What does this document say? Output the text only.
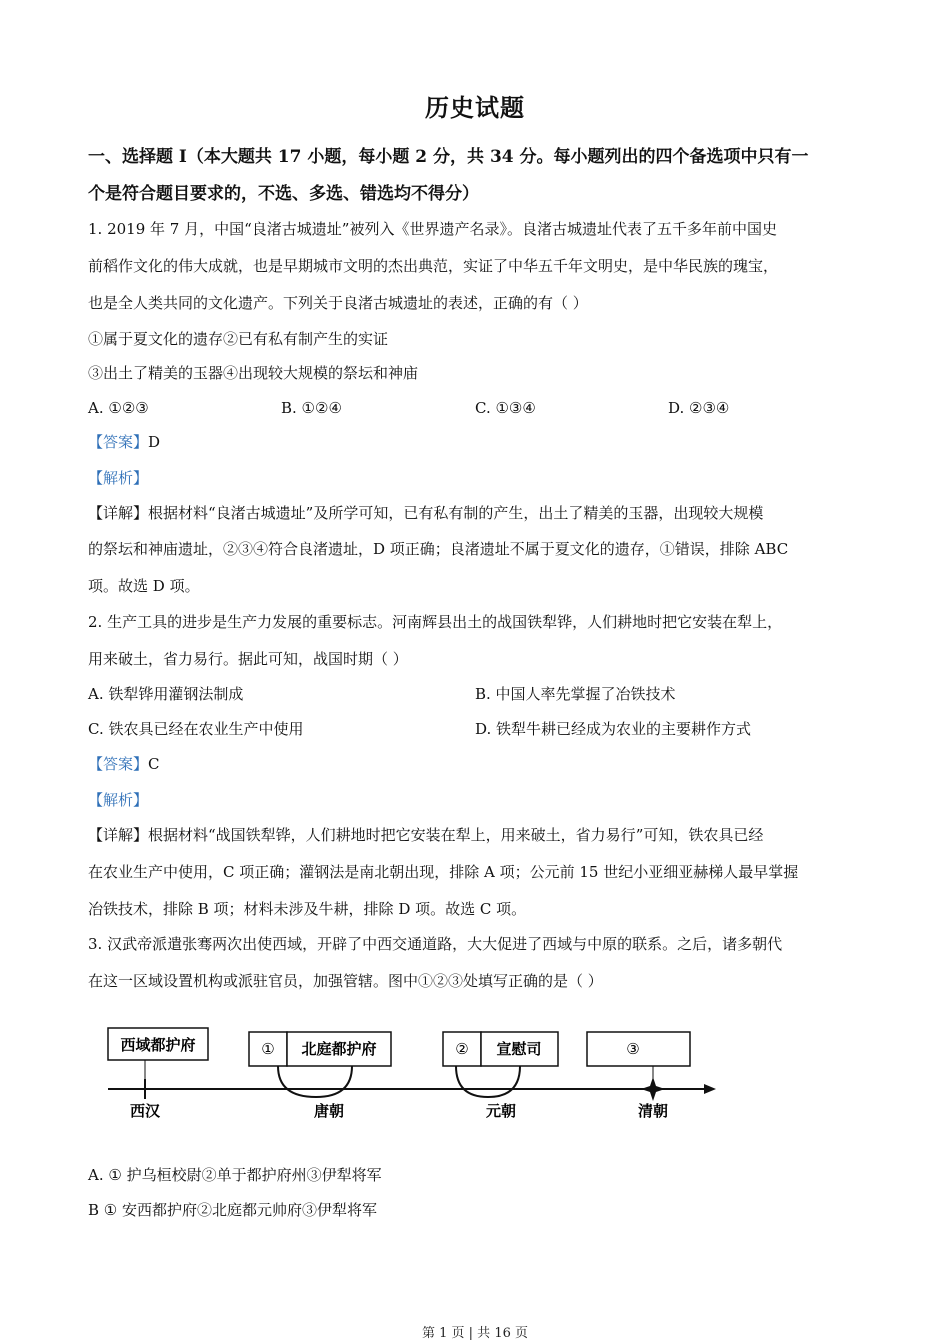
历史试题
一、选择题 I（本大题共 17 小题，每小题 2 分，共 34 分。每小题列出的四个备选项中只有一
个是符合题目要求的，不选、多选、错选均不得分）
1. 2019 年 7 月，中国“良渚古城遗址”被列入《世界遗产名录》。良渚古城遗址代表了五千多年前中国史
前稻作文化的伟大成就，也是早期城市文明的杰出典范，实证了中华五千年文明史，是中华民族的瑰宝，
也是全人类共同的文化遗产。下列关于良渚古城遗址的表述，正确的有（ ）
①属于夏文化的遗存②已有私有制产生的实证
③出土了精美的玉器④出现较大规模的祭坛和神庙
A. ①②③	B. ①②④	C. ①③④	D. ②③④
【答案】D
【解析】
【详解】根据材料“良渚古城遗址”及所学可知，已有私有制的产生，出土了精美的玉器，出现较大规模
的祭坛和神庙遗址，②③④符合良渚遗址，D 项正确；良渚遗址不属于夏文化的遗存，①错误，排除 ABC
项。故选 D 项。
2. 生产工具的进步是生产力发展的重要标志。河南辉县出土的战国铁犁铧，人们耕地时把它安装在犁上，
用来破土，省力易行。据此可知，战国时期（ ）
A. 铁犁铧用灌钢法制成	B. 中国人率先掌握了冶铁技术
C. 铁农具已经在农业生产中使用	D. 铁犁牛耕已经成为农业的主要耕作方式
【答案】C
【解析】
【详解】根据材料“战国铁犁铧，人们耕地时把它安装在犁上，用来破土，省力易行”可知，铁农具已经
在农业生产中使用，C 项正确；灌钢法是南北朝出现，排除 A 项；公元前 15 世纪小亚细亚赫梯人最早掌握
冶铁技术，排除 B 项；材料未涉及牛耕，排除 D 项。故选 C 项。
3. 汉武帝派遣张骞两次出使西域，开辟了中西交通道路，大大促进了西域与中原的联系。之后，诸多朝代
在这一区域设置机构或派驻官员，加强管辖。图中①②③处填写正确的是（ ）
西域都护府	① 北庭都护府	② 宣慰司	③
西汉	唐朝	元朝	清朝
A. ① 护乌桓校尉②单于都护府州③伊犁将军
B ① 安西都护府②北庭都元帅府③伊犁将军
第 1 页 | 共 16 页
